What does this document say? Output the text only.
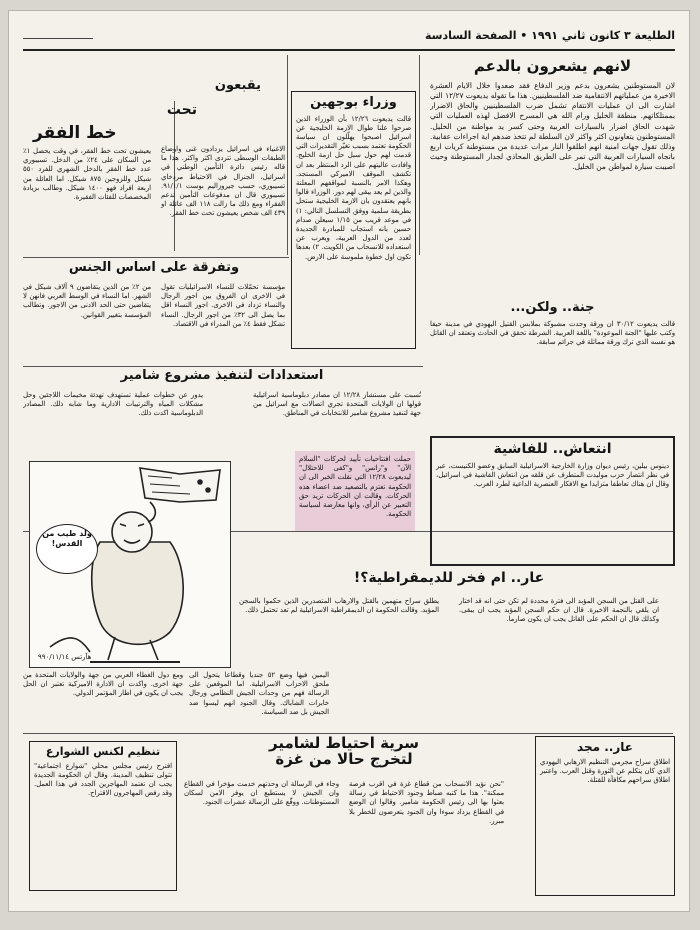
الطليعة ٣ كانون ثاني ١٩٩١ • الصفحة السادسة
لانهم يشعرون بالدعم

لان المستوطنين يشعرون بدعم وزير الدفاع فقد صعدوا خلال الايام العشرة الاخيرة من عملياتهم الانتقامية ضد الفلسطينيين. هذا ما تقوله يديعوت ١٢/٢٧ التي اشارت الى ان عمليات الانتقام تشمل ضرب الفلسطينيين والحاق الاضرار بممتلكاتهم. منطقة الخليل ورام الله هي المسرح الافضل لهذه العمليات التي شهدت الحاق اضرار بالسيارات العربية وحتى كسر يد مواطنة من الخليل. المستوطنون يتعاونون اكثر واكثر لان السلطة لم تتخذ ضدهم اية اجراءات عقابية. وذلك تقول جهات امنية انهم اطلقوا النار مرات عديدة من مستوطنة كريات اربع باتجاه السيارات العربية التي تمر على الطريق المحاذي لجدار المستوطنة وحيث اصيبت سيارة لمواطن من الخليل.

وزراء بوجهين

قالت يديعوت ١٢/٢٦ بأن الوزراء الذين صرحوا علنا طوال الازمة الخليجية عن اسرائيل اصبحوا يهلّلون ان سياسة الحكومة تعتمد بسبب تغيّر التقديرات التي قدمت لهم حول سبل حل ازمة الخليج. وافادت عاليتهم على الرد المنتظر بعد ان تكشف الموقف الاميركي المستجد. وهكذا الامر بالنسبة لمواقفهم المعلنة والذين لم يعد يبقى لهم دور. الوزراء قالوا بانهم يعتقدون بان الازمة الخليجية ستحل بطريقة سلمية ووفق التسلسل التالي: ١) في موعد قريب من ١/١٥ سيعلن صدام حسين بانه استجاب للمبادرة الجديدة لعدد من الدول العربية، ويعرب عن استعداده للانسحاب من الكويت. ٢) بعدها تكون اول خطوة ملموسة على الارض.

يقبعون
تحت
خط الفقر

الاغنياء في اسرائيل يزدادون غنى واوضاع الطبقات الوسطى تتردى اكثر واكثر. هذا ما قاله رئيس دائرة التأمين الوطني في اسرائيل، الجنرال في الاحتياط مردخاي تسيبوري، حسب جيروزاليم بوست ٩١/١/١. تسيبوري قال ان مدفوعات التأمين تدعم الفقراء ومع ذلك ما زالت ١١٨ الف عائلة او ٤٣٩ الف شخص يعيشون تحت خط الفقر.

يعيشون تحت خط الفقر، في وقت يحصل ١٪ من السكان على ٢٤٪ من الدخل. تسيبوري عدد خط الفقر بالدخل الشهري للفرد ٥٥٠ شيكل وللزوجين ٨٧٥ شيكل. اما العائلة من اربعة افراد فهو ١٤٠٠ شيكل. وطالب بزيادة المخصصات للفئات الفقيرة.

جنة.. ولكن...

قالت يديعوت ٣٠/١٢ ان ورقة وجدت مشبوكة بملابس القتيل اليهودي في مدينة حيفا وكتب عليها "الجنة الموعودة" باللغة العربية. الشرطة تحقق في الحادث وتعتقد ان القاتل هو نفسه الذي ترك ورقة مماثلة في جرائم سابقة.

وتفرقة على اساس الجنس

مؤسسة تحمّلات للنساء الاسرائيليات تقول في الاخرى ان الفروق بين اجور الرجال والنساء تزداد في الاخرى. اجور النساء اقل بما يصل الى ٣٢٪ من اجور الرجال. النساء تشكل فقط ٤٪ من المدراء في الاقتصاد.

من ٢٪ من الذين يتقاضون ٩ آلاف شيكل في الشهر. اما النساء في الوسط العربي فانهن لا يتقاضين حتى الحد الادنى من الاجور. وتطالب المؤسسة بتغيير القوانين.

انتعاش.. للفاشية

دينوس بيلين، رئيس ديوان وزارة الخارجية الاسرائيلية السابق وعضو الكنيست، عبر في نظر انتصار حزب موليدت المتطرف عن قلقه من انتعاش الفاشية في اسرائيل، وقال ان هناك تعاطفا متزايدا مع الافكار العنصرية الداعية لطرد العرب.

استعدادات لتنفيذ مشروع شامير

نُسبت على مستشار ١٢/٢٨ ان مصادر دبلوماسية اسرائيلية قولها ان الولايات المتحدة تجري اتصالات مع اسرائيل من جهة لتنفيذ مشروع شامير للانتخابات في المناطق.

يدور عن خطوات عملية تستهدف تهدئة مخيمات اللاجئين وحل مشكلات المياه والترتيبات الادارية وما شابه ذلك. المصادر الدبلوماسية اكدت ذلك.

ولد طيب من القدس!
هآرتس ٩٩٠/١١/١٤

حملت افتتاحيات تأييد لحركات "السلام الآن" و"راتس" و"كفى للاحتلال" ليديعوت ١٢/٢٨ التي نقلت الخبر الى ان الحكومة تعتزم بالتصعيد ضد اعضاء هذه الحركات. وقالت ان الحركات تريد حق التعبير عن الرأي، وانها معارضة لسياسة الحكومة.

عار.. ام فخر للديمقراطية؟!

على القتل من السجن المؤبد الى فترة محددة لم تكن حتى انه قد اختار ان يلقي بالنجمة الاخيرة. قال ان حكم السجن المؤبد يجب ان يبقى. وكذلك قال ان الحكم على القاتل يجب ان يكون صارما.

يطلق سراح متهمين بالقتل والارهاب المتصدرين الذين حكموا بالسجن المؤبد. وقالت الحكومة ان الديمقراطية الاسرائيلية لم تعد تحتمل ذلك.

عار.. مجد

اطلاق سراح مجرمي التنظيم الارهابي اليهودي الذي كان يتكلم عن الثورة وقتل العرب. واعتبر اطلاق سراحهم مكافأة للقتلة.

سرية احتياط لشامير
لتخرج حالا من غزة

"نحن نؤيد الانسحاب من قطاع غزة في اقرب فرصة ممكنة". هذا ما كتبه ضباط وجنود الاحتياط في رسالة بعثوا بها الى رئيس الحكومة شامير. وقالوا ان الوضع في القطاع يزداد سوءا وان الجنود يتعرضون للخطر بلا مبرر.

وجاء في الرسالة ان وحدتهم خدمت مؤخرا في القطاع وان الجيش لا يستطيع ان يوفر الامن لسكان المستوطنات. ووقّع على الرسالة عشرات الجنود.

تنظيم لكنس الشوارع

افترح رئيس مجلس محلي "شوارع اجتماعية" تتولى تنظيف المدينة. وقال ان الحكومة الجديدة يجب ان تعتمد المهاجرين الجدد في هذا العمل. وقد رفض المهاجرون الاقتراح.

اليمين فيها وضع ٥٢ جنديا وقطاعا يتحول الى ملحق الاحزاب الاسرائيلية. اما الموقعين على الرسالة فهم من وحدات الجيش النظامي ورجال خابرات الشاباك. وقال الجنود انهم ليسوا ضد الجيش بل ضد السياسة.

ومع دول الغطاء العربي من جهة والولايات المتحدة من جهة اخرى. واكدت ان الادارة الاميركية تعتبر ان الحل يجب ان يكون في اطار المؤتمر الدولي.
